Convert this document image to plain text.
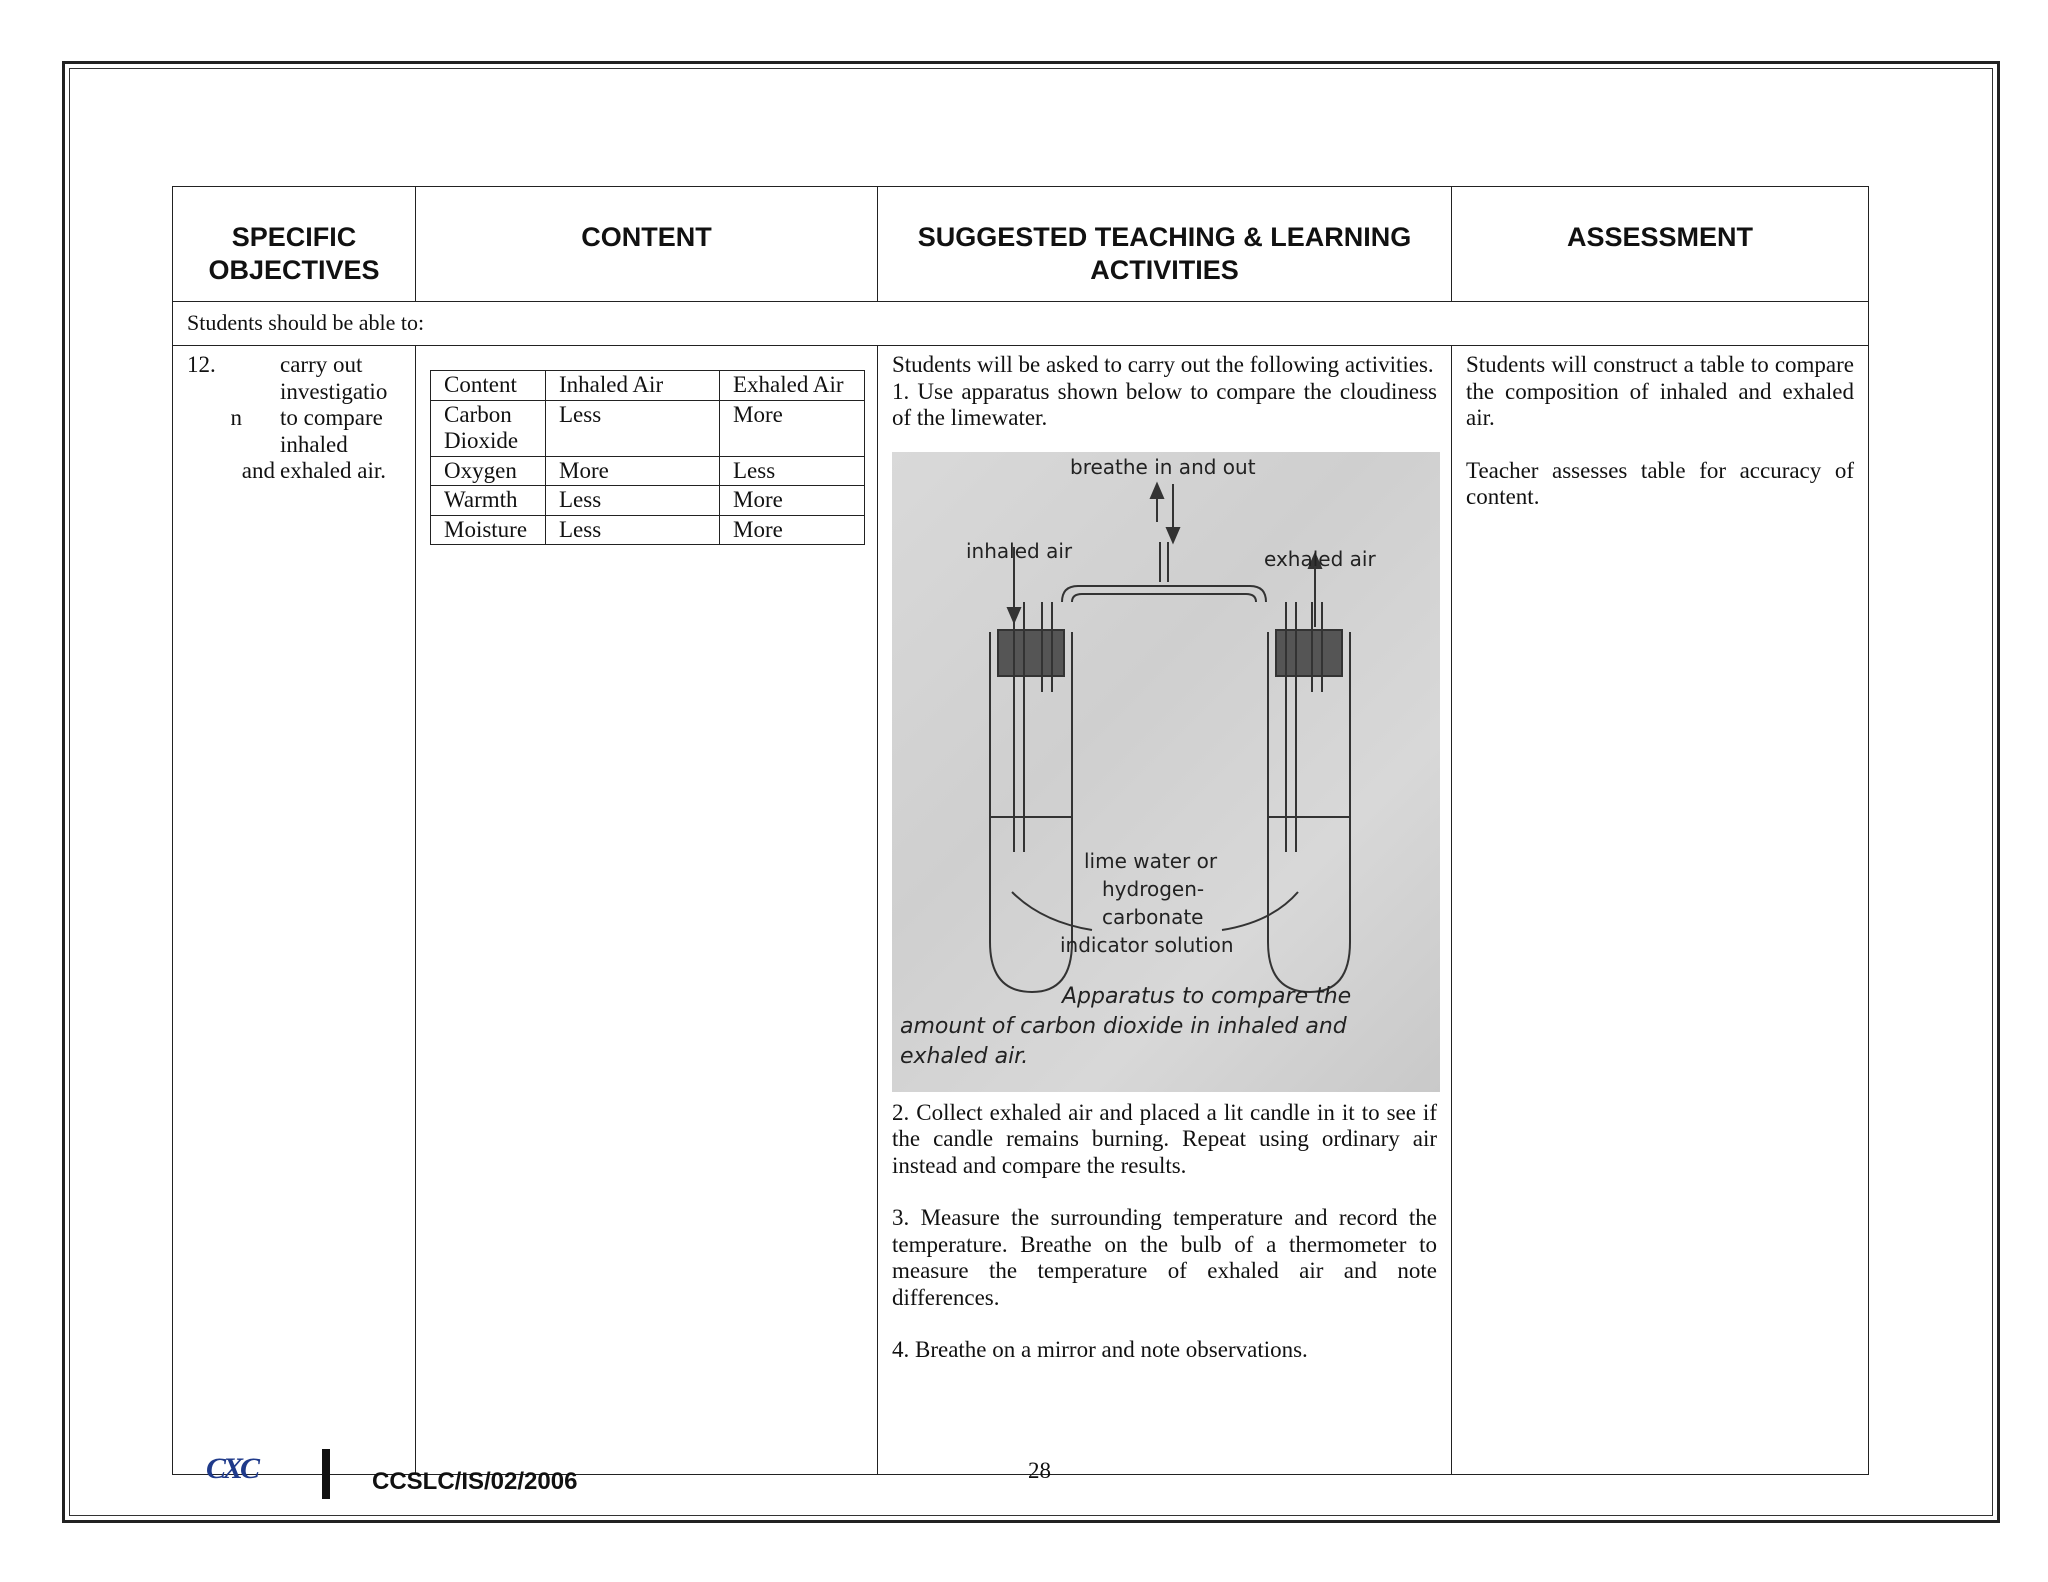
SPECIFIC OBJECTIVES	CONTENT	SUGGESTED TEACHING & LEARNING ACTIVITIES	ASSESSMENT
Students should be able to:

12.	carry out
investigatio
n	to compare
inhaled
and exhaled air.

Content	Inhaled Air	Exhaled Air
Carbon Dioxide	Less	More
Oxygen	More	Less
Warmth	Less	More
Moisture	Less	More

Students will be asked to carry out the following activities.

1. Use apparatus shown below to compare the cloudiness of the limewater.

breathe in and out
inhaled air	exhaled air
lime water or
hydrogen-
carbonate
indicator solution
Apparatus to compare the
amount of carbon dioxide in inhaled and
exhaled air.

2. Collect exhaled air and placed a lit candle in it to see if the candle remains burning. Repeat using ordinary air instead and compare the results.

3. Measure the surrounding temperature and record the temperature. Breathe on the bulb of a thermometer to measure the temperature of exhaled air and note differences.

4. Breathe on a mirror and note observations.

Students will construct a table to compare the composition of inhaled and exhaled air.

Teacher assesses table for accuracy of content.

CXC	CCSLC/IS/02/2006	28
